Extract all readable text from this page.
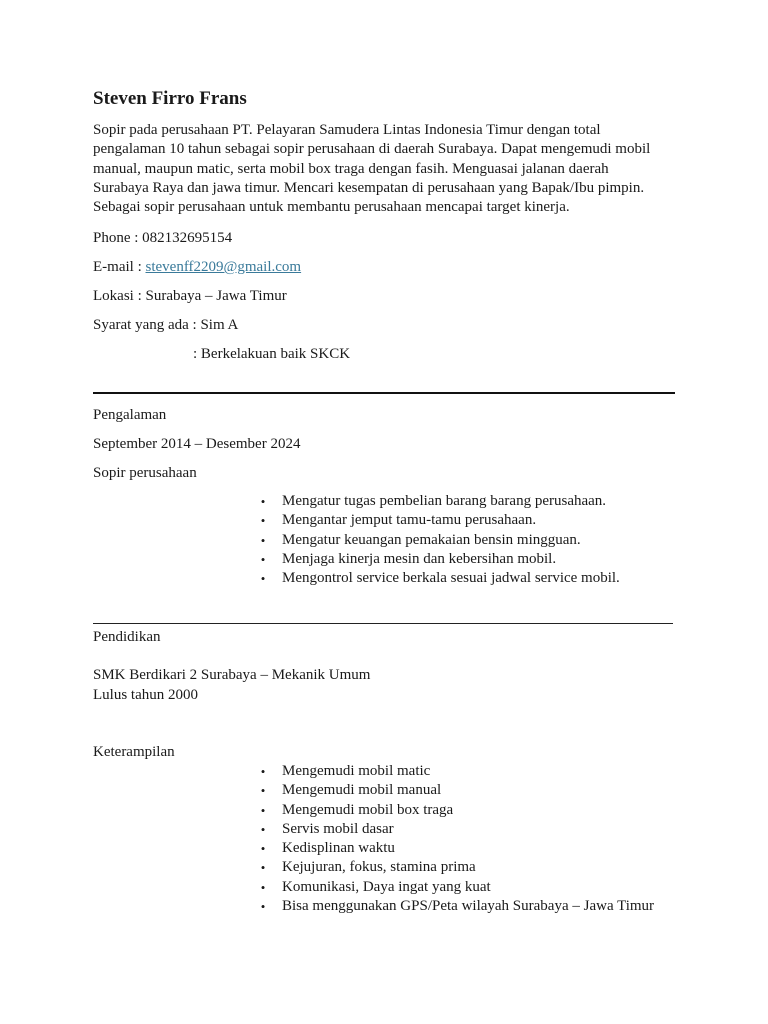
Steven Firro Frans
Sopir pada perusahaan PT. Pelayaran Samudera Lintas Indonesia Timur dengan total
pengalaman 10 tahun sebagai sopir perusahaan di daerah Surabaya. Dapat mengemudi mobil
manual, maupun matic, serta mobil box traga dengan fasih. Menguasai jalanan daerah
Surabaya Raya dan jawa timur. Mencari kesempatan di perusahaan yang Bapak/Ibu pimpin.
Sebagai sopir perusahaan untuk membantu perusahaan mencapai target kinerja.
Phone : 082132695154
E-mail : stevenff2209@gmail.com
Lokasi : Surabaya – Jawa Timur
Syarat yang ada : Sim A
: Berkelakuan baik SKCK
Pengalaman
September 2014 – Desember 2024
Sopir perusahaan
• Mengatur tugas pembelian barang barang perusahaan.
• Mengantar jemput tamu-tamu perusahaan.
• Mengatur keuangan pemakaian bensin mingguan.
• Menjaga kinerja mesin dan kebersihan mobil.
• Mengontrol service berkala sesuai jadwal service mobil.
Pendidikan
SMK Berdikari 2 Surabaya – Mekanik Umum
Lulus tahun 2000
Keterampilan
• Mengemudi mobil matic
• Mengemudi mobil manual
• Mengemudi mobil box traga
• Servis mobil dasar
• Kedisplinan waktu
• Kejujuran, fokus, stamina prima
• Komunikasi, Daya ingat yang kuat
• Bisa menggunakan GPS/Peta wilayah Surabaya – Jawa Timur
